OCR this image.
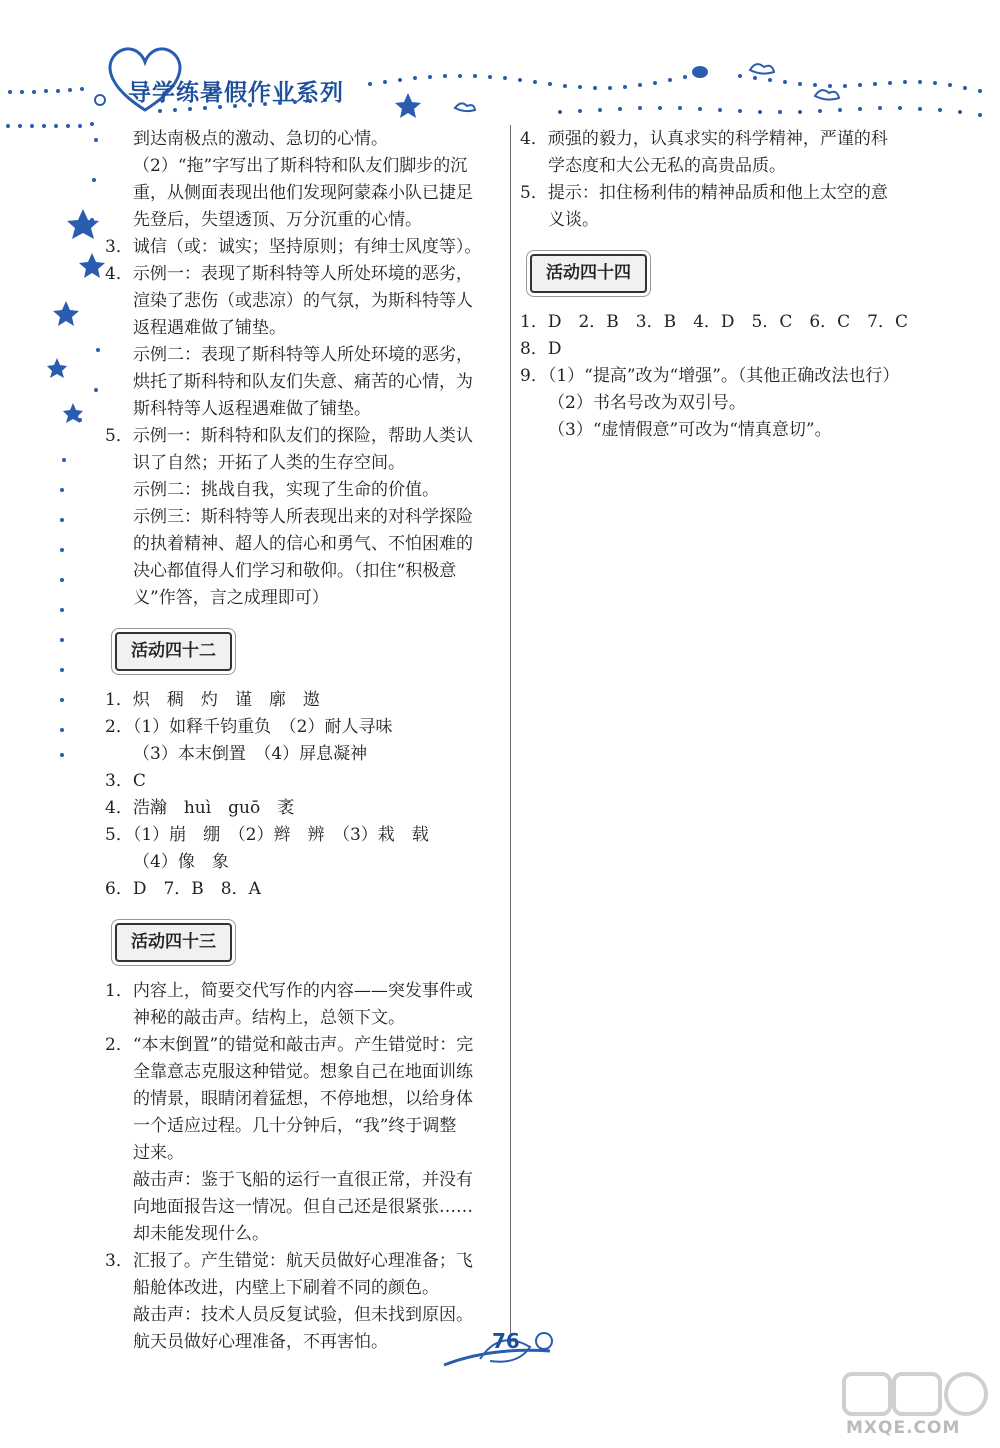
导学练暑假作业系列
到达南极点的激动、急切的心情。
（2）“拖”字写出了斯科特和队友们脚步的沉
重，从侧面表现出他们发现阿蒙森小队已捷足
先登后，失望透顶、万分沉重的心情。
3．诚信（或：诚实；坚持原则；有绅士风度等）。
4．示例一：表现了斯科特等人所处环境的恶劣，
渲染了悲伤（或悲凉）的气氛，为斯科特等人
返程遇难做了铺垫。
示例二：表现了斯科特等人所处环境的恶劣，
烘托了斯科特和队友们失意、痛苦的心情，为
斯科特等人返程遇难做了铺垫。
5．示例一：斯科特和队友们的探险，帮助人类认
识了自然；开拓了人类的生存空间。
示例二：挑战自我，实现了生命的价值。
示例三：斯科特等人所表现出来的对科学探险
的执着精神、超人的信心和勇气、不怕困难的
决心都值得人们学习和敬仰。（扣住“积极意
义”作答，言之成理即可）
活动四十二
1．炽　稠　灼　谨　廓　遨
2．（1）如释千钧重负　（2）耐人寻味
（3）本末倒置　（4）屏息凝神
3．C
4．浩瀚　huì　guō　袤
5．（1）崩　绷　（2）辫　辨　（3）栽　载
（4）像　象
6．D　7．B　8．A
活动四十三
1．内容上，简要交代写作的内容——突发事件或
神秘的敲击声。结构上，总领下文。
2．“本末倒置”的错觉和敲击声。产生错觉时：完
全靠意志克服这种错觉。想象自己在地面训练
的情景，眼睛闭着猛想，不停地想，以给身体
一个适应过程。几十分钟后，“我”终于调整
过来。
敲击声：鉴于飞船的运行一直很正常，并没有
向地面报告这一情况。但自己还是很紧张……
却未能发现什么。
3．汇报了。产生错觉：航天员做好心理准备；飞
船舱体改进，内壁上下刷着不同的颜色。
敲击声：技术人员反复试验，但未找到原因。
航天员做好心理准备，不再害怕。
4．顽强的毅力，认真求实的科学精神，严谨的科
学态度和大公无私的高贵品质。
5．提示：扣住杨利伟的精神品质和他上太空的意
义谈。
活动四十四
1．D　2．B　3．B　4．D　5．C　6．C　7．C
8．D
9．（1）“提高”改为“增强”。（其他正确改法也行）
（2）书名号改为双引号。
（3）“虚情假意”可改为“情真意切”。
76
MXQE.COM
